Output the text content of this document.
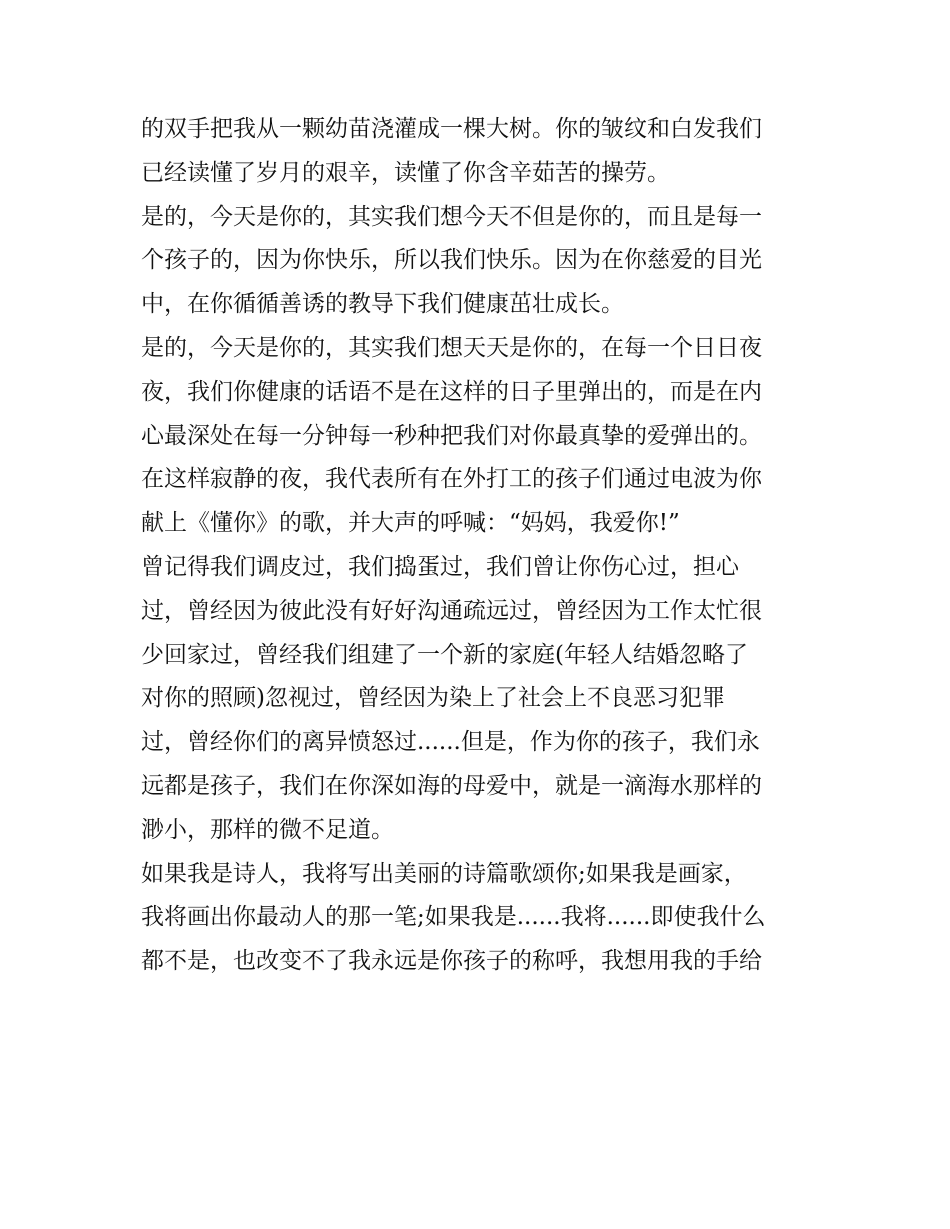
的双手把我从一颗幼苗浇灌成一棵大树。你的皱纹和白发我们
已经读懂了岁月的艰辛，读懂了你含辛茹苦的操劳。
是的，今天是你的，其实我们想今天不但是你的，而且是每一
个孩子的，因为你快乐，所以我们快乐。因为在你慈爱的目光
中，在你循循善诱的教导下我们健康茁壮成长。
是的，今天是你的，其实我们想天天是你的，在每一个日日夜
夜，我们你健康的话语不是在这样的日子里弹出的，而是在内
心最深处在每一分钟每一秒种把我们对你最真挚的爱弹出的。
在这样寂静的夜，我代表所有在外打工的孩子们通过电波为你
献上《懂你》的歌，并大声的呼喊：“妈妈，我爱你!”
曾记得我们调皮过，我们捣蛋过，我们曾让你伤心过，担心
过，曾经因为彼此没有好好沟通疏远过，曾经因为工作太忙很
少回家过，曾经我们组建了一个新的家庭(年轻人结婚忽略了
对你的照顾)忽视过，曾经因为染上了社会上不良恶习犯罪
过，曾经你们的离异愤怒过......但是，作为你的孩子，我们永
远都是孩子，我们在你深如海的母爱中，就是一滴海水那样的
渺小，那样的微不足道。
如果我是诗人，我将写出美丽的诗篇歌颂你;如果我是画家，
我将画出你最动人的那一笔;如果我是......我将......即使我什么
都不是，也改变不了我永远是你孩子的称呼，我想用我的手给
